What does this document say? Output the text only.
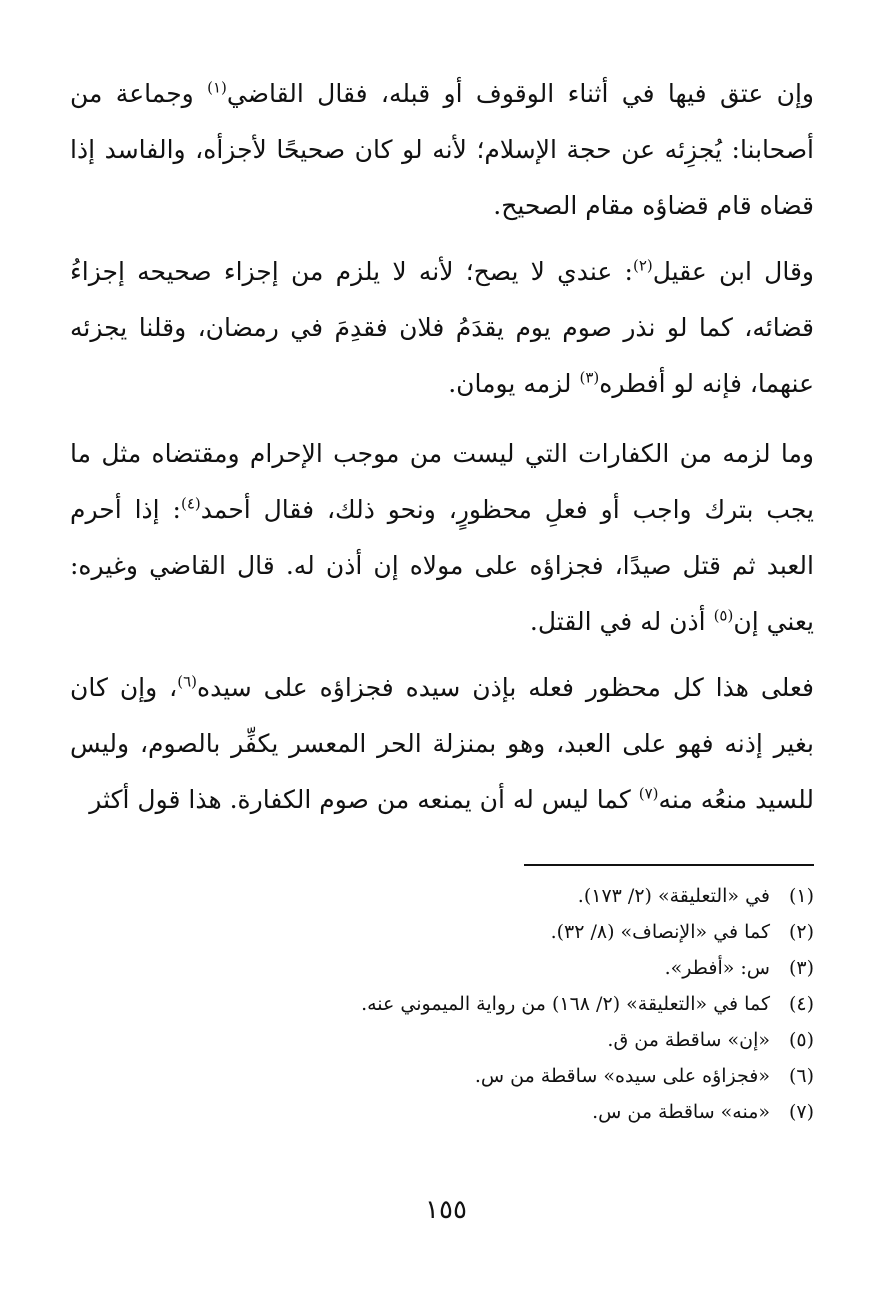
وإن عتق فيها في أثناء الوقوف أو قبله، فقال القاضي$^{(١)}$ وجماعة من أصحابنا: يُجزِئه عن حجة الإسلام؛ لأنه لو كان صحيحًا لأجزأه، والفاسد إذا قضاه قام قضاؤه مقام الصحيح.

وقال ابن عقيل$^{(٢)}$: عندي لا يصح؛ لأنه لا يلزم من إجزاء صحيحه إجزاءُ قضائه، كما لو نذر صوم يوم يقدَمُ فلان فقدِمَ في رمضان، وقلنا يجزئه عنهما، فإنه لو أفطره$^{(٣)}$ لزمه يومان.

وما لزمه من الكفارات التي ليست من موجب الإحرام ومقتضاه مثل ما يجب بترك واجب أو فعلِ محظورٍ، ونحو ذلك، فقال أحمد$^{(٤)}$: إذا أحرم العبد ثم قتل صيدًا، فجزاؤه على مولاه إن أذن له. قال القاضي وغيره: يعني إن$^{(٥)}$ أذن له في القتل.

فعلى هذا كل محظور فعله بإذن سيده فجزاؤه على سيده$^{(٦)}$، وإن كان بغير إذنه فهو على العبد، وهو بمنزلة الحر المعسر يكفِّر بالصوم، وليس للسيد منعُه منه$^{(٧)}$ كما ليس له أن يمنعه من صوم الكفارة. هذا قول أكثر

(١)في «التعليقة» (٢/ ١٧٣).
(٢)كما في «الإنصاف» (٨/ ٣٢).
(٣)س: «أفطر».
(٤)كما في «التعليقة» (٢/ ١٦٨) من رواية الميموني عنه.
(٥)«إن» ساقطة من ق.
(٦)«فجزاؤه على سيده» ساقطة من س.
(٧)«منه» ساقطة من س.
١٥٥
